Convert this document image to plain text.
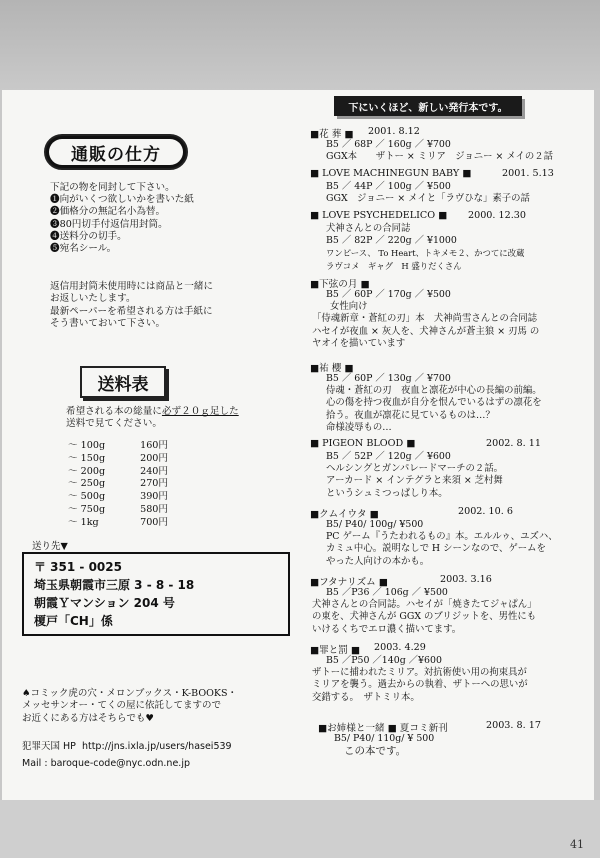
通販の仕方
下記の物を同封して下さい。
❶向がいくつ欲しいかを書いた紙
❷価格分の無記名小為替。
❸80円切手付返信用封筒。
❹送料分の切手。
❺宛名シール。
返信用封筒未使用時には商品と一緒に
お返しいたします。
最新ペーパーを希望される方は手紙に
そう書いておいて下さい。
送料表
希望される本の総量に必ず２０ｇ足した
送料で見てください。
～ 100g	160円
～ 150g	200円
～ 200g	240円
～ 250g	270円
～ 500g	390円
～ 750g	580円
～ 1kg	700円
送り先▼
〒 351 - 0025
埼玉県朝霞市三原 3 - 8 - 18
朝霞Ｙマンション 204 号
榎戸「CH」係
♠コミック虎の穴・メロンブックス・K-BOOKS・
メッセサンオー・てくの屋に依託してますので
お近くにある方はそちらでも♥
犯罪天国 HP http://jns.ixla.jp/users/hasei539
Mail : baroque-code@nyc.odn.ne.jp
下にいくほど、新しい発行本です。
■花 葬 ■ 2001. 8.12
B5 ／ 68P ／ 160g ／ ¥700
GGX本　　ザトー × ミリア　ジョニー × メイの２話
■ LOVE MACHINEGUN BABY ■	2001. 5.13
B5 ／ 44P ／ 100g ／ ¥500
GGX　ジョニー × メイと「ラヴひな」素子の話
■ LOVE PSYCHEDELICO ■ 2000. 12.30
犬神さんとの合同誌
B5 ／ 82P ／ 220g ／ ¥1000
ワンピース、 To Heart、トキメモ２、かつてに改蔵
ラヴコメ　ギャグ　H 盛りだくさん
■下弦の月 ■
B5 ／ 60P ／ 170g ／ ¥500
女性向け
「侍魂新章・蒼紅の刃」本　犬神尚雪さんとの合同誌
ハセイが夜血 × 灰人を、犬神さんが蒼主狼 × 刃馬 の
ヤオイを描いています
■祐 櫻 ■
B5 ／ 60P ／ 130g ／ ¥700
侍魂・蒼紅の刃　夜血と凛花が中心の長編の前編。
心の傷を持つ夜血が自分を恨んでいるはずの凛花を
拾う。夜血が凛花に見ているものは…？
命様凌辱もの…
■ PIGEON BLOOD ■	2002. 8. 11
B5 ／ 52P ／ 120g ／ ¥600
ヘルシングとガンパレードマーチの２話。
アーカード × インテグラと来須 × 芝村舞
というシュミつっぱしり本。
■クムイウタ ■	2002. 10. 6
B5/ P40/ 100g/ ¥500
PC ゲーム『うたわれるもの』本。エルルゥ、ユズハ、
カミュ中心。説明なしで H シーンなので、ゲームを
やった人向けの本かも。
■フタナリズム ■	2003. 3.16
B5 ／P36 ／ 106g ／ ¥500
犬神さんとの合同誌。ハセイが「焼きたてジャぱん」
の東を、犬神さんが GGX のブリジットを、男性にも
いけるくちでエロ濃く描いてます。
■罪と罰 ■ 2003. 4.29
B5 ／P50 ／140g ／¥600
ザトーに捕われたミリア。対抗術使い用の拘束具が
ミリアを襲う。過去からの執着、ザトーへの思いが
交錯する。　ザトミリ本。
■お姉様と一緒 ■ 夏コミ新刊	2003. 8. 17
B5/ P40/ 110g/ ¥ 500
この本です。
41
